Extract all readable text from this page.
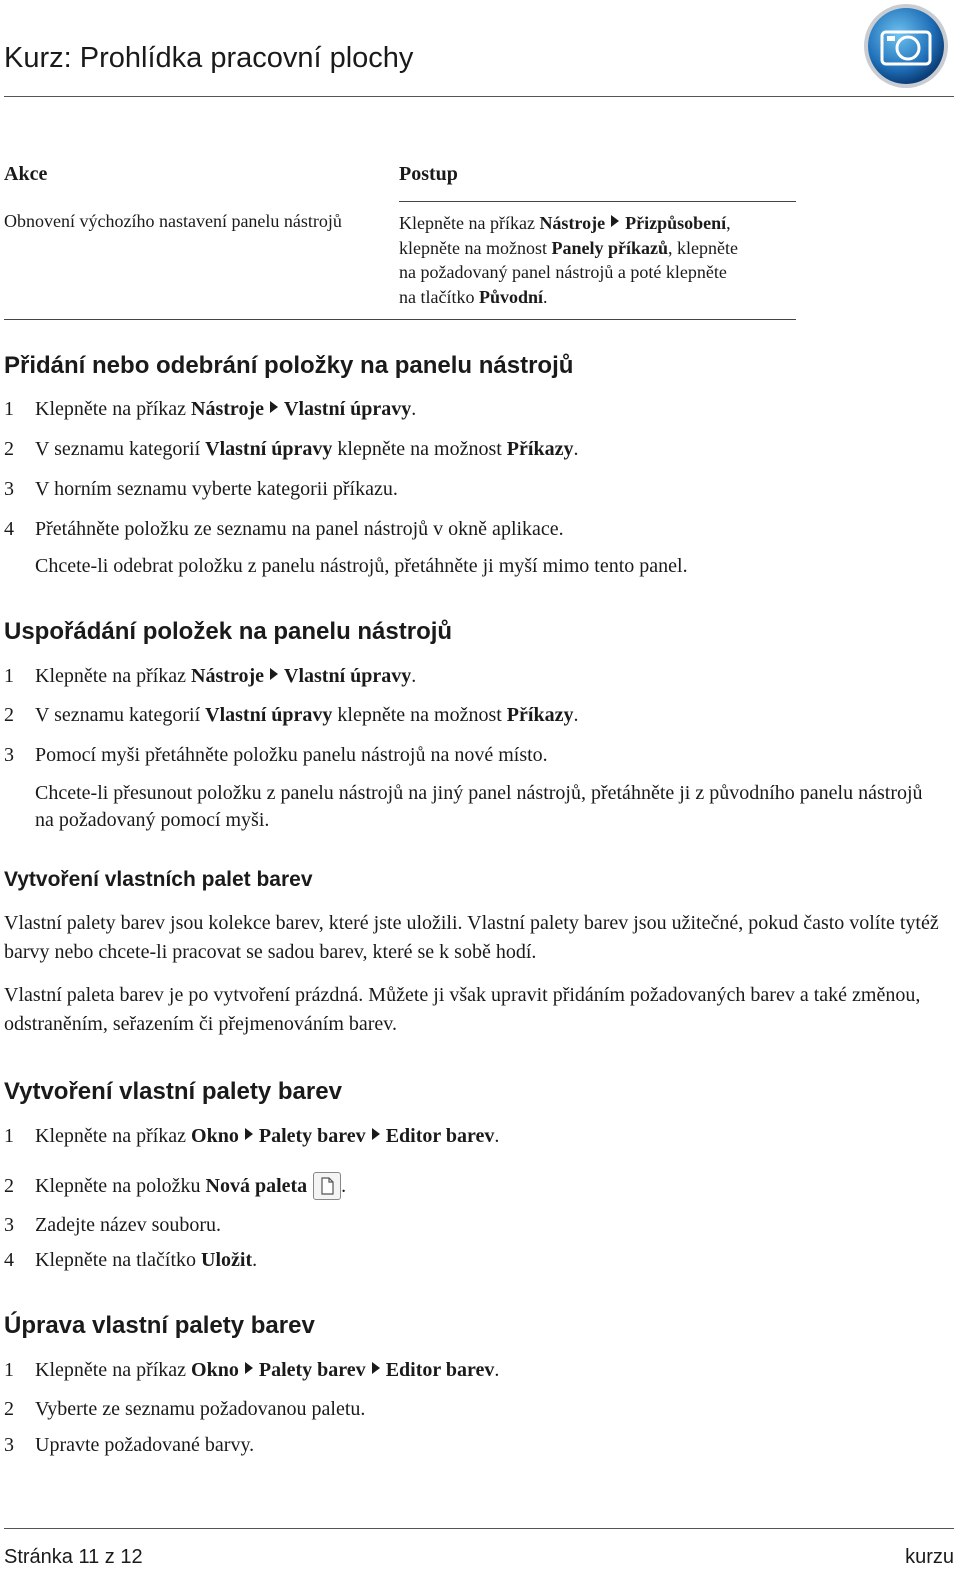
Kurz: Prohlídka pracovní plochy
Akce	Postup
Obnovení výchozího nastavení panelu nástrojů	Klepněte na příkaz Nástroje Přizpůsobení,
klepněte na možnost Panely příkazů, klepněte
na požadovaný panel nástrojů a poté klepněte
na tlačítko Původní.
Přidání nebo odebrání položky na panelu nástrojů
1 Klepněte na příkaz Nástroje Vlastní úpravy.
2 V seznamu kategorií Vlastní úpravy klepněte na možnost Příkazy.
3 V horním seznamu vyberte kategorii příkazu.
4 Přetáhněte položku ze seznamu na panel nástrojů v okně aplikace.
Chcete-li odebrat položku z panelu nástrojů, přetáhněte ji myší mimo tento panel.
Uspořádání položek na panelu nástrojů
1 Klepněte na příkaz Nástroje Vlastní úpravy.
2 V seznamu kategorií Vlastní úpravy klepněte na možnost Příkazy.
3 Pomocí myši přetáhněte položku panelu nástrojů na nové místo.
Chcete-li přesunout položku z panelu nástrojů na jiný panel nástrojů, přetáhněte ji z původního panelu nástrojů na požadovaný pomocí myši.
Vytvoření vlastních palet barev
Vlastní palety barev jsou kolekce barev, které jste uložili. Vlastní palety barev jsou užitečné, pokud často volíte tytéž barvy nebo chcete-li pracovat se sadou barev, které se k sobě hodí.
Vlastní paleta barev je po vytvoření prázdná. Můžete ji však upravit přidáním požadovaných barev a také změnou, odstraněním, seřazením či přejmenováním barev.
Vytvoření vlastní palety barev
1 Klepněte na příkaz Okno Palety barev Editor barev.
2 Klepněte na položku Nová paleta .
3 Zadejte název souboru.
4 Klepněte na tlačítko Uložit.
Úprava vlastní palety barev
1 Klepněte na příkaz Okno Palety barev Editor barev.
2 Vyberte ze seznamu požadovanou paletu.
3 Upravte požadované barvy.
Stránka 11 z 12	kurzu
